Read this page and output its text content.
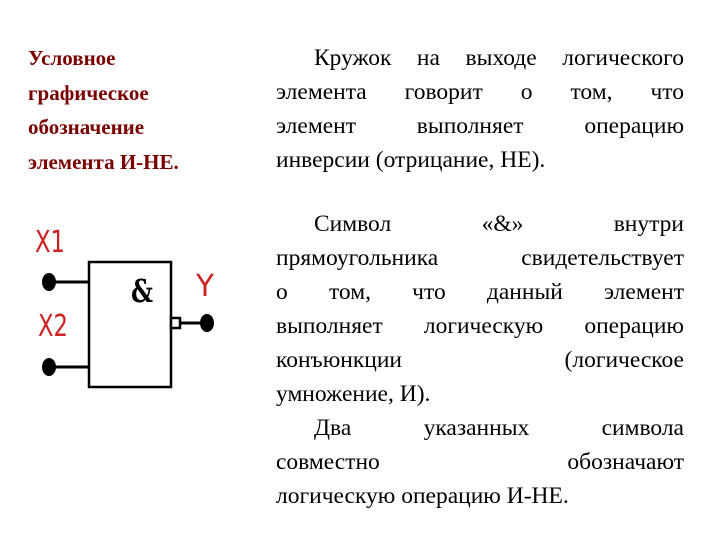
Условное
графическое
обозначение
элемента И-НЕ.

Кружок на выходе логического
элемента говорит о том, что
элемент выполняет операцию
инверсии (отрицание, НЕ).

Символ «&» внутри
прямоугольника свидетельствует
о том, что данный элемент
выполняет логическую операцию
конъюнкции (логическое
умножение, И).
Два указанных символа
совместно обозначают
логическую операцию И-НЕ.

X1
X2
Y
&
